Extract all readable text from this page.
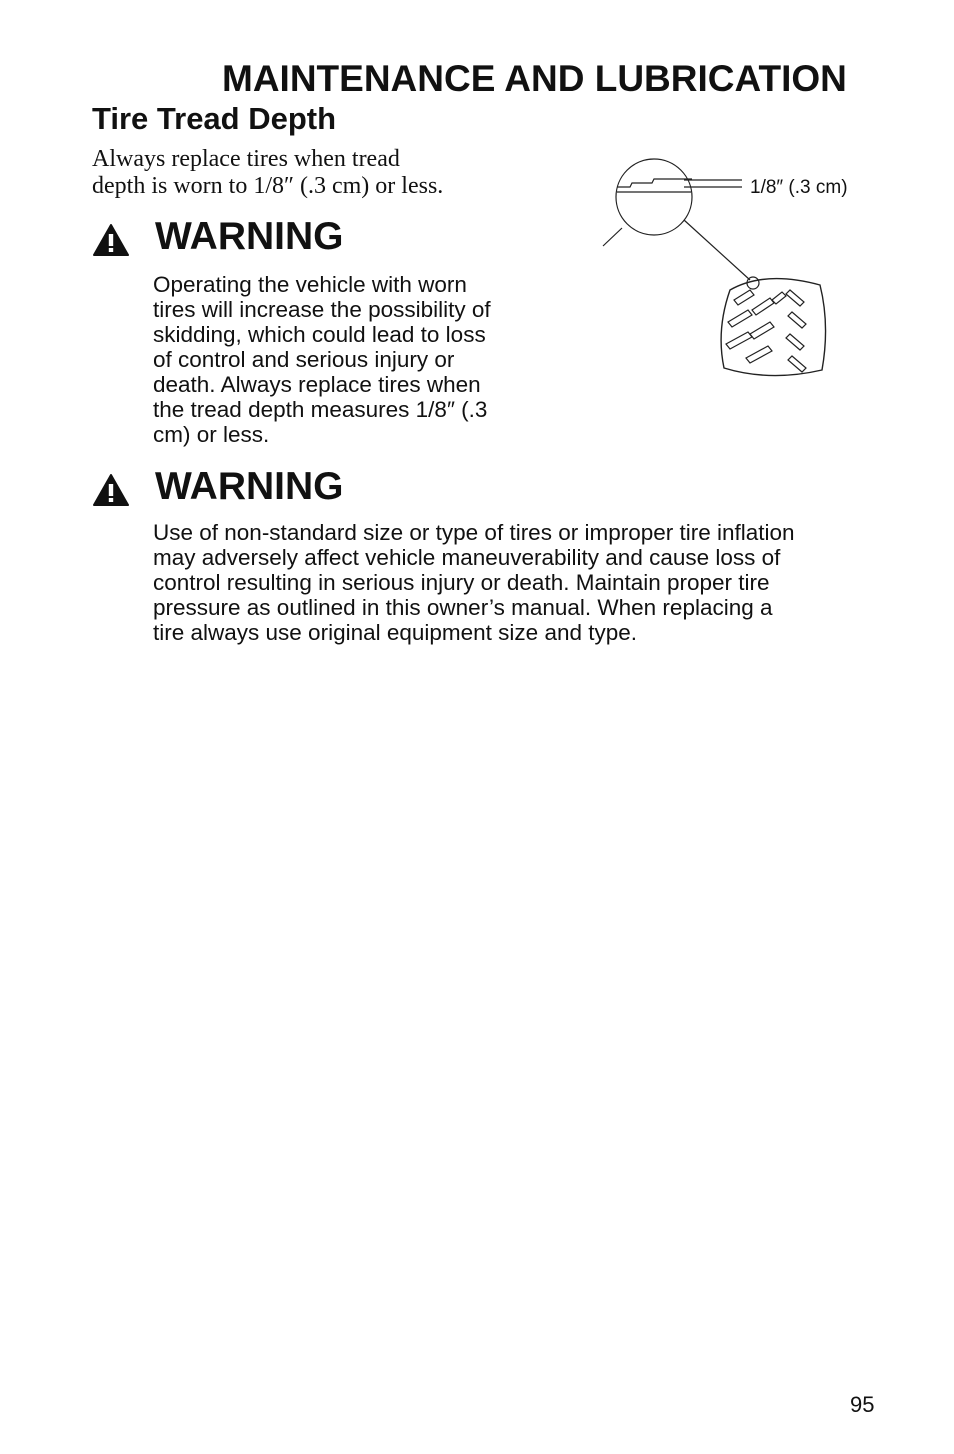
MAINTENANCE AND LUBRICATION
Tire Tread Depth
Always replace tires when tread
depth is worn to 1/8″ (.3 cm) or less.	1/8″ (.3 cm)
WARNING
Operating the vehicle with worn
tires will increase the possibility of
skidding, which could lead to loss
of control and serious injury or
death. Always replace tires when
the tread depth measures 1/8″ (.3
cm) or less.
WARNING
Use of non-standard size or type of tires or improper tire inflation
may adversely affect vehicle maneuverability and cause loss of
control resulting in serious injury or death. Maintain proper tire
pressure as outlined in this owner’s manual. When replacing a
tire always use original equipment size and type.
95
